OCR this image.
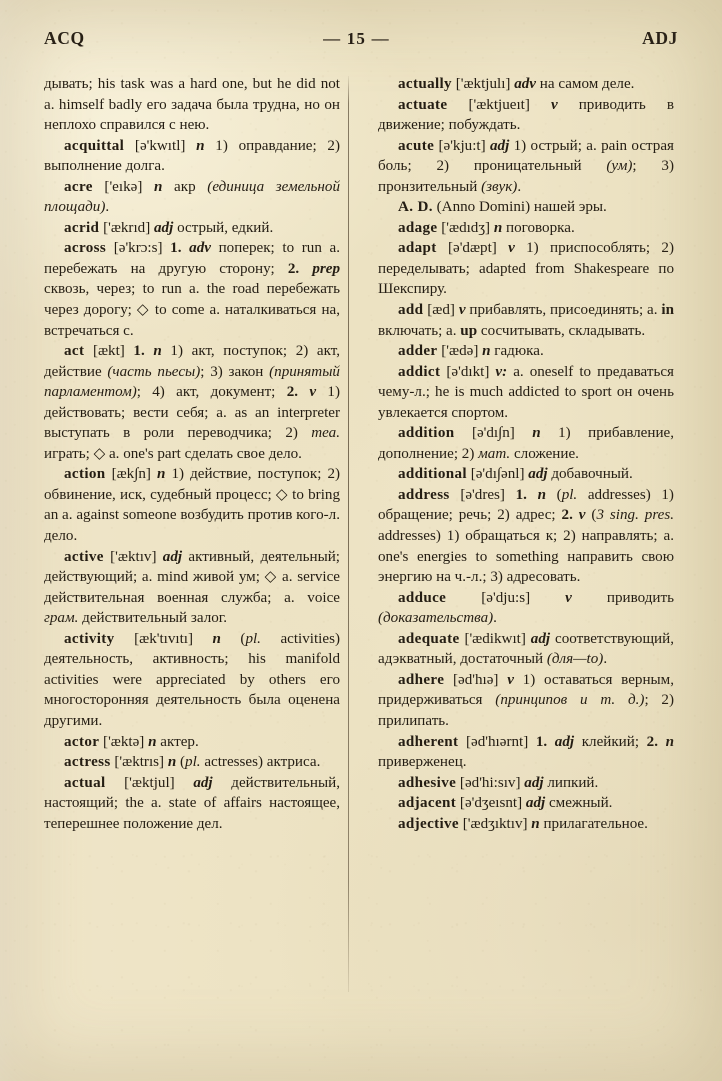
ACQ	— 15 —	ADJ

дывать; his task was a hard one, but he did not a. himself badly его задача была трудна, но он неплохо справился с нею.

acquittal [ə'kwıtl] n 1) оправдание; 2) выполнение долга.

acre ['eıkə] n акр (единица земельной площади).

acrid ['ækrıd] adj острый, едкий.

across [ə'krɔ:s] 1. adv поперек; to run a. перебежать на другую сторону; 2. prep сквозь, через; to run a. the road перебежать через дорогу; ◇ to come a. наталкиваться на, встречаться с.

act [ækt] 1. n 1) акт, поступок; 2) акт, действие (часть пьесы); 3) закон (принятый парламентом); 4) акт, документ; 2. v 1) действовать; вести себя; a. as an interpreter выступать в роли переводчика; 2) теа. играть; ◇ a. one's part сделать свое дело.

action [æk∫n] n 1) действие, поступок; 2) обвинение, иск, судебный процесс; ◇ to bring an a. against someone возбудить против кого-л. дело.

active ['æktıv] adj активный, деятельный; действующий; a. mind живой ум; ◇ a. service действительная военная служба; a. voice грам. действительный залог.

activity [æk'tıvıtı] n (pl. activities) деятельность, активность; his manifold activities were appreciated by others его многосторонняя деятельность была оценена другими.

actor ['æktə] n актер.

actress ['æktrıs] n (pl. actresses) актриса.

actual ['æktjul] adj действительный, настоящий; the a. state of affairs настоящее, теперешнее положение дел.

actually ['æktjulı] adv на самом деле.

actuate ['æktjueıt] v приводить в движение; побуждать.

acute [ə'kju:t] adj 1) острый; a. pain острая боль; 2) проницательный (ум); 3) пронзительный (звук).

A. D. (Anno Domini) нашей эры.

adage ['ædıdʒ] n поговорка.

adapt [ə'dæpt] v 1) приспособлять; 2) переделывать; adapted from Shakespeare по Шекспиру.

add [æd] v прибавлять, присоединять; a. in включать; a. up сосчитывать, складывать.

adder ['ædə] n гадюка.

addict [ə'dıkt] v: a. oneself to предаваться чему-л.; he is much addicted to sport он очень увлекается спортом.

addition [ə'dı∫n] n 1) прибавление, дополнение; 2) мат. сложение.

additional [ə'dı∫ənl] adj добавочный.

address [ə'dres] 1. n (pl. addresses) 1) обращение; речь; 2) адрес; 2. v (3 sing. pres. addresses) 1) обращаться к; 2) направлять; a. one's energies to something направить свою энергию на ч.-л.; 3) адресовать.

adduce [ə'dju:s] v приводить (доказательства).

adequate ['ædikwıt] adj соответствующий, адэкватный, достаточный (для—to).

adhere [əd'hıə] v 1) оставаться верным, придерживаться (принципов и т. д.); 2) прилипать.

adherent [əd'hıərnt] 1. adj клейкий; 2. n приверженец.

adhesive [əd'hi:sıv] adj липкий.

adjacent [ə'dʒeısnt] adj смежный.

adjective ['ædʒıktıv] n прилагательное.
